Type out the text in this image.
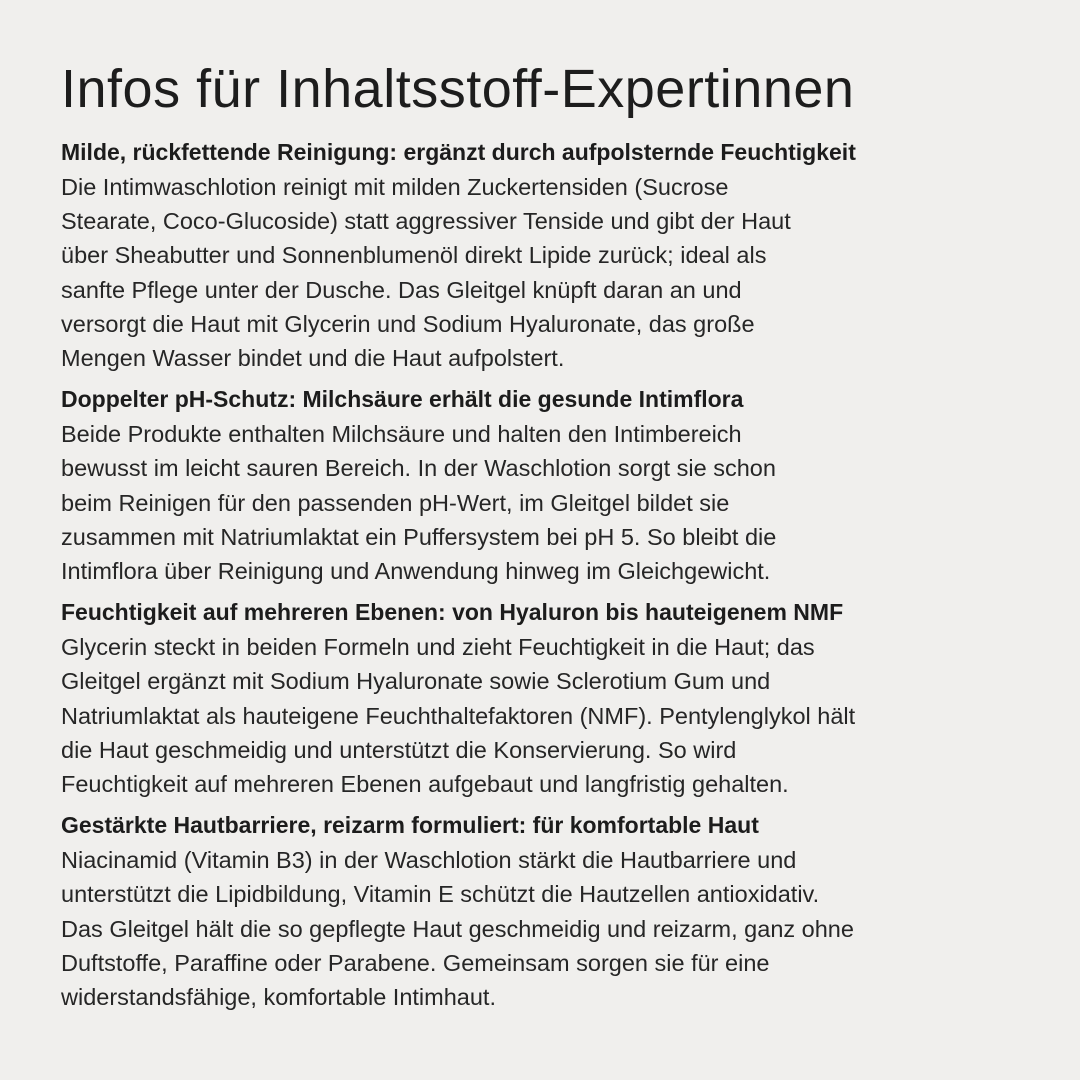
Infos für Inhaltsstoff-Expertinnen
Milde, rückfettende Reinigung: ergänzt durch aufpolsternde Feuchtigkeit

Die Intimwaschlotion reinigt mit milden Zuckertensiden (Sucrose
Stearate, Coco-Glucoside) statt aggressiver Tenside und gibt der Haut
über Sheabutter und Sonnenblumenöl direkt Lipide zurück; ideal als
sanfte Pflege unter der Dusche. Das Gleitgel knüpft daran an und
versorgt die Haut mit Glycerin und Sodium Hyaluronate, das große
Mengen Wasser bindet und die Haut aufpolstert.

Doppelter pH-Schutz: Milchsäure erhält die gesunde Intimflora

Beide Produkte enthalten Milchsäure und halten den Intimbereich
bewusst im leicht sauren Bereich. In der Waschlotion sorgt sie schon
beim Reinigen für den passenden pH-Wert, im Gleitgel bildet sie
zusammen mit Natriumlaktat ein Puffersystem bei pH 5. So bleibt die
Intimflora über Reinigung und Anwendung hinweg im Gleichgewicht.

Feuchtigkeit auf mehreren Ebenen: von Hyaluron bis hauteigenem NMF

Glycerin steckt in beiden Formeln und zieht Feuchtigkeit in die Haut; das
Gleitgel ergänzt mit Sodium Hyaluronate sowie Sclerotium Gum und
Natriumlaktat als hauteigene Feuchthaltefaktoren (NMF). Pentylenglykol hält
die Haut geschmeidig und unterstützt die Konservierung. So wird
Feuchtigkeit auf mehreren Ebenen aufgebaut und langfristig gehalten.

Gestärkte Hautbarriere, reizarm formuliert: für komfortable Haut

Niacinamid (Vitamin B3) in der Waschlotion stärkt die Hautbarriere und
unterstützt die Lipidbildung, Vitamin E schützt die Hautzellen antioxidativ.
Das Gleitgel hält die so gepflegte Haut geschmeidig und reizarm, ganz ohne
Duftstoffe, Paraffine oder Parabene. Gemeinsam sorgen sie für eine
widerstandsfähige, komfortable Intimhaut.
